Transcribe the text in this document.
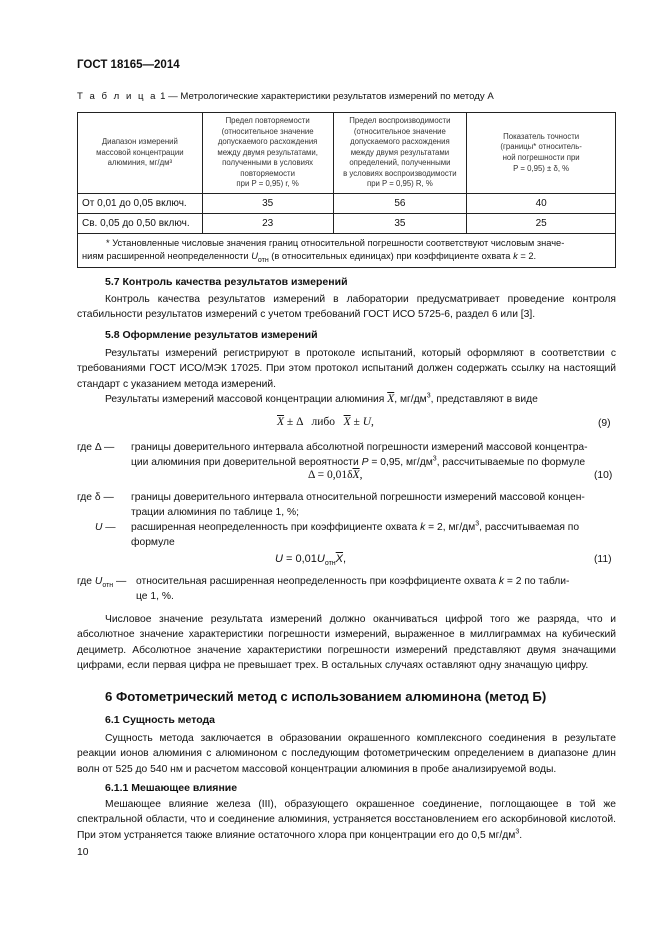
ГОСТ 18165—2014
Т а б л и ц а 1 — Метрологические характеристики результатов измерений по методу А
Диапазон измерений
массовой концентрации
алюминия, мг/дм³

Предел повторяемости
(относительное значение
допускаемого расхождения
между двумя результатами,
полученными в условиях
повторяемости
при P = 0,95) r, %

Предел воспроизводимости
(относительное значение
допускаемого расхождения
между двумя результатами
определений, полученными
в условиях воспроизводимости
при P = 0,95) R, %

Показатель точности
(границы* относитель-
ной погрешности при
P = 0,95) ± δ, %

От 0,01 до 0,05 включ.	35	56	40
Св. 0,05 до 0,50 включ.	23	35	25

* Установленные числовые значения границ относительной погрешности соответствуют числовым значе-
ниям расширенной неопределенности $U_{отн}$ (в относительных единицах) при коэффициенте охвата k = 2.			
5.7 Контроль качества результатов измерений
Контроль качества результатов измерений в лаборатории предусматривает проведение контроля стабильности результатов измерений с учетом требований ГОСТ ИСО 5725-6, раздел 6 или [3].
5.8 Оформление результатов измерений
Результаты измерений регистрируют в протоколе испытаний, который оформляют в соответствии с требованиями ГОСТ ИСО/МЭК 17025. При этом протокол испытаний должен содержать ссылку на настоящий стандарт с указанием метода измерений.
Результаты измерений массовой концентрации алюминия $\overline{X}$, $мг/дм^3$, представляют в виде
$\overline{X} \pm \Delta$   либо   $\overline{X} \pm U$,	(9)
где Δ — границы доверительного интервала абсолютной погрешности измерений массовой концентра-
ции алюминия при доверительной вероятности P = 0,95, $мг/дм^3$, рассчитываемые по формуле
$\Delta = 0,01\delta\overline{X}$,	(10)
где δ — границы доверительного интервала относительной погрешности измерений массовой концен-
трации алюминия по таблице 1, %;
U — расширенная неопределенность при коэффициенте охвата k = 2, $мг/дм^3$, рассчитываемая по
формуле
$U = 0,01U_{отн}\overline{X}$,	(11)
где $U_{отн}$ — относительная расширенная неопределенность при коэффициенте охвата k = 2 по табли-
це 1, %.
Числовое значение результата измерений должно оканчиваться цифрой того же разряда, что и абсолютное значение характеристики погрешности измерений, выраженное в миллиграммах на кубический дециметр. Абсолютное значение характеристики погрешности измерений представляют двумя значащими цифрами, если первая цифра не превышает трех. В остальных случаях оставляют одну значащую цифру.
6 Фотометрический метод с использованием алюминона (метод Б)
6.1 Сущность метода
Сущность метода заключается в образовании окрашенного комплексного соединения в результате реакции ионов алюминия с алюминоном с последующим фотометрическим определением в диапазоне длин волн от 525 до 540 нм и расчетом массовой концентрации алюминия в пробе анализируемой воды.
6.1.1 Мешающее влияние
Мешающее влияние железа (III), образующего окрашенное соединение, поглощающее в той же спектральной области, что и соединение алюминия, устраняется восстановлением его аскорбиновой кислотой. При этом устраняется также влияние остаточного хлора при концентрации его до 0,5 $мг/дм^3$.
10
